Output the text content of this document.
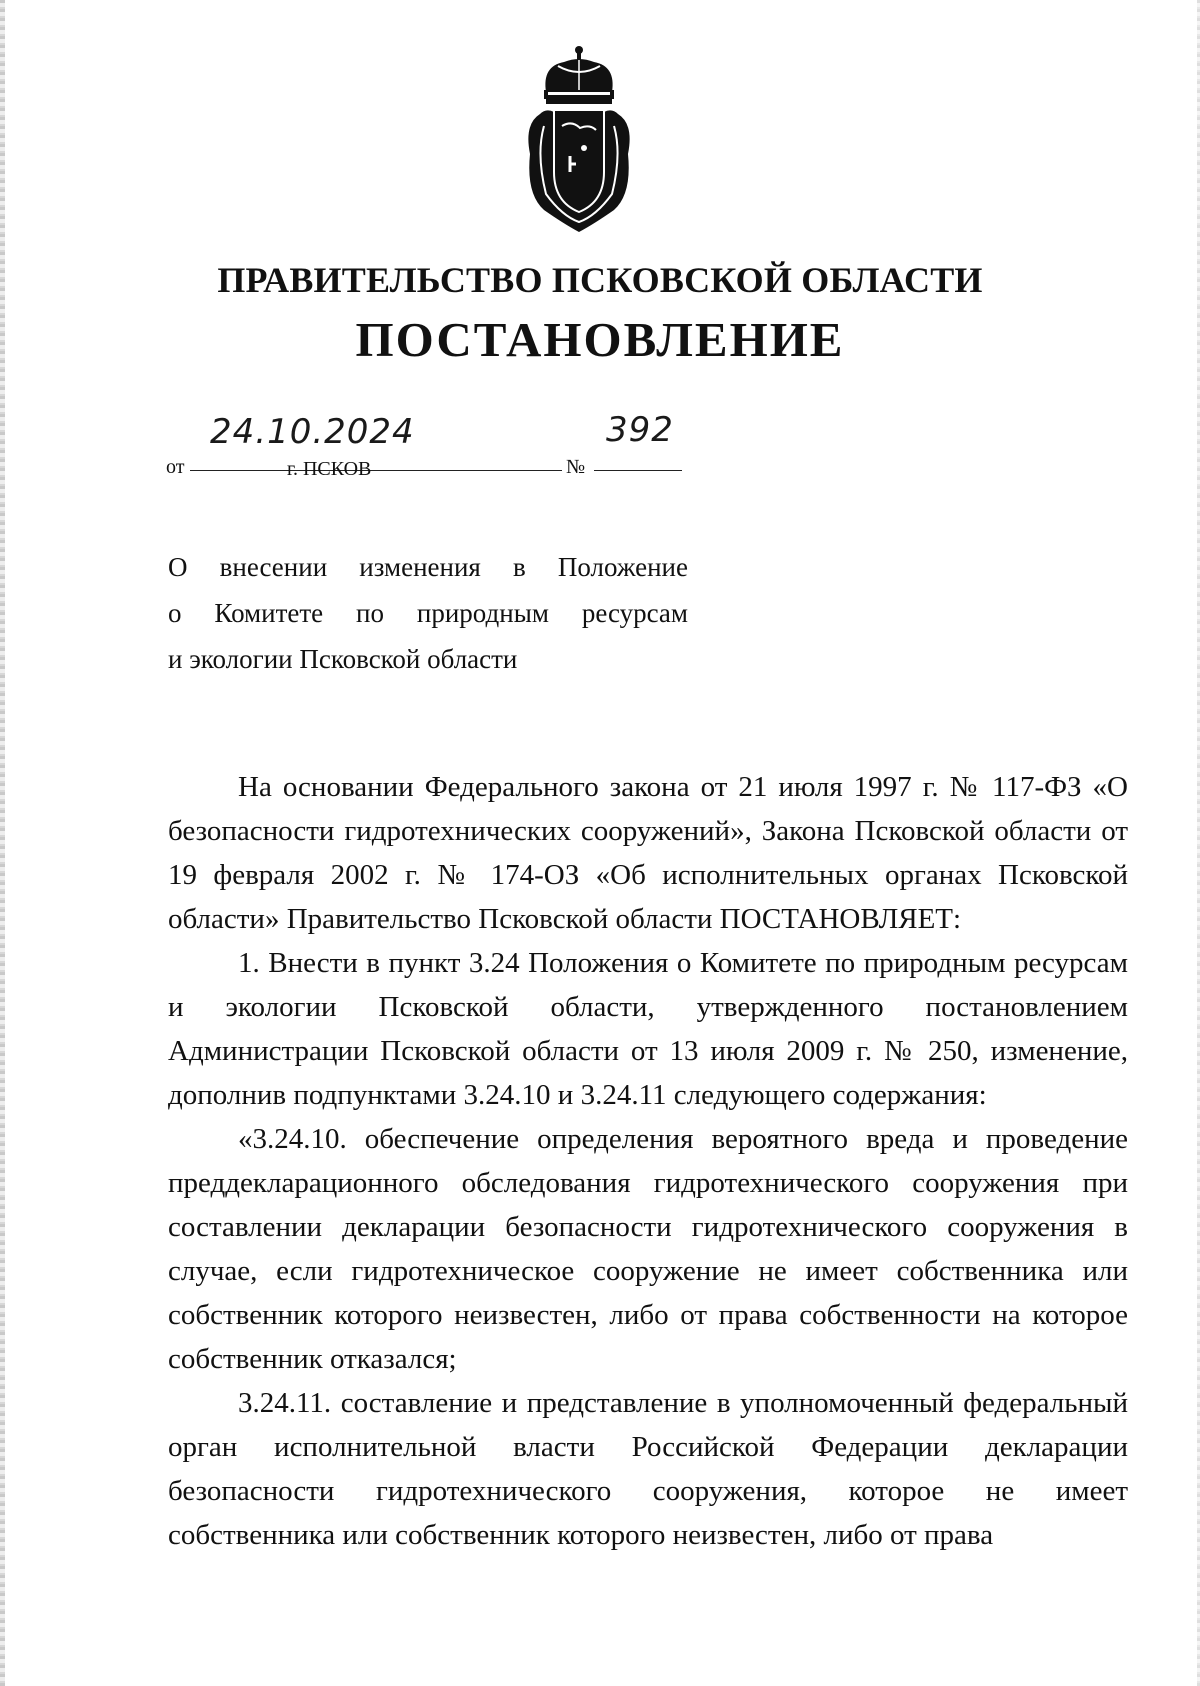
ПРАВИТЕЛЬСТВО ПСКОВСКОЙ ОБЛАСТИ
ПОСТАНОВЛЕНИЕ
от
24.10.2024
№
392
г. ПСКОВ
О внесении изменения в Положение
о Комитете по природным ресурсам
и экологии Псковской области

На основании Федерального закона от 21 июля 1997 г. № 117-ФЗ «О безопасности гидротехнических сооружений», Закона Псковской области от 19 февраля 2002 г. № 174-ОЗ «Об исполнительных органах Псковской области» Правительство Псковской области ПОСТАНОВЛЯЕТ:

1. Внести в пункт 3.24 Положения о Комитете по природным ресурсам и экологии Псковской области, утвержденного постановлением Администрации Псковской области от 13 июля 2009 г. № 250, изменение, дополнив подпунктами 3.24.10 и 3.24.11 следующего содержания:

«3.24.10. обеспечение определения вероятного вреда и проведение преддекларационного обследования гидротехнического сооружения при составлении декларации безопасности гидротехнического сооружения в случае, если гидротехническое сооружение не имеет собственника или собственник которого неизвестен, либо от права собственности на которое собственник отказался;

3.24.11. составление и представление в уполномоченный федеральный орган исполнительной власти Российской Федерации декларации безопасности гидротехнического сооружения, которое не имеет собственника или собственник которого неизвестен, либо от права
